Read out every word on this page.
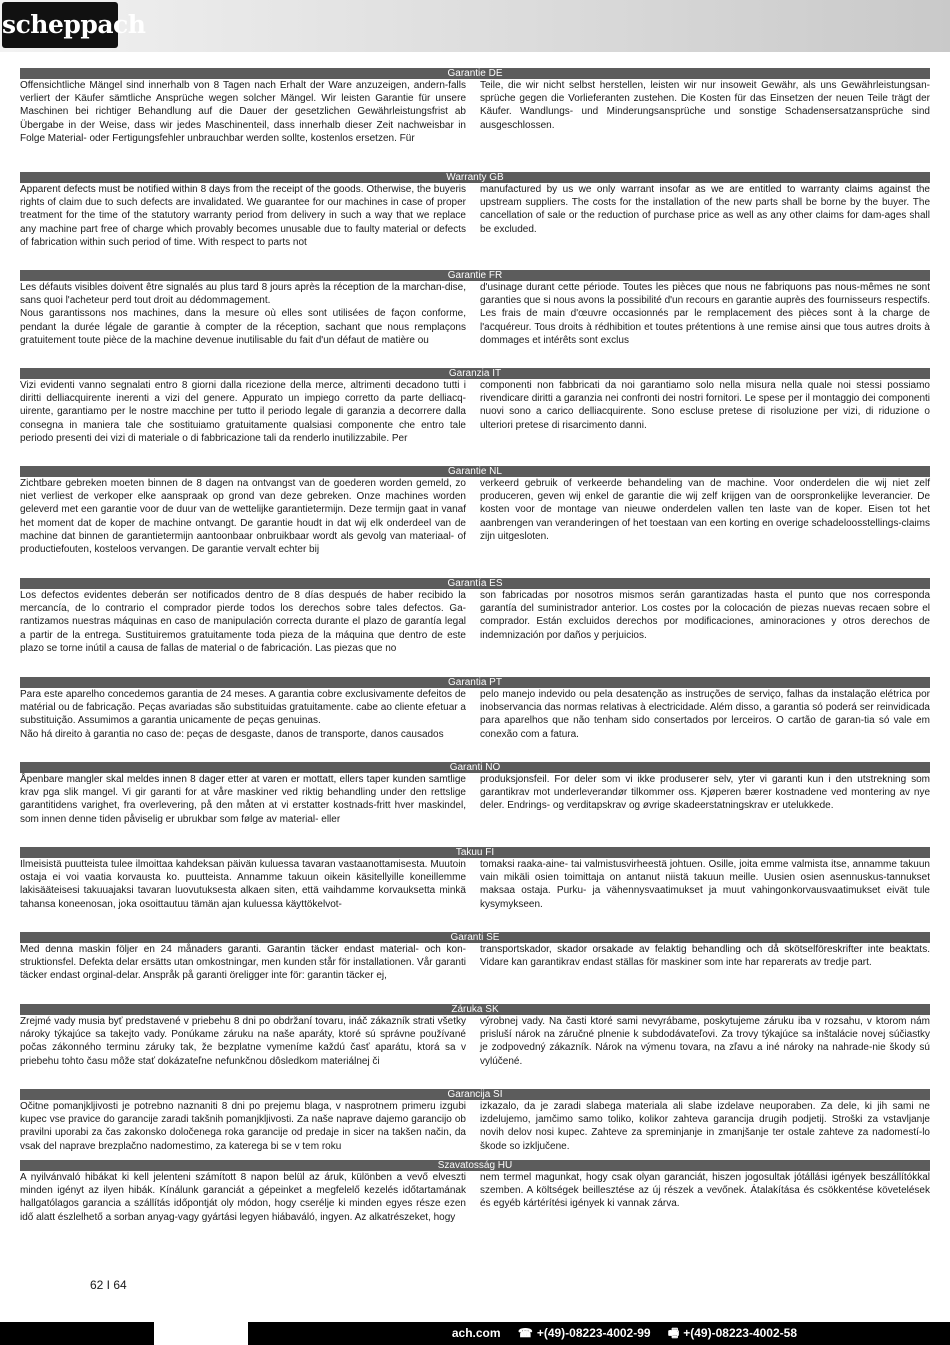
scheppach
Garantie DE
Offensichtliche Mängel sind innerhalb von 8 Tagen nach Erhalt der Ware anzuzeigen, andern-falls verliert der Käufer sämtliche Ansprüche wegen solcher Mängel. Wir leisten Garantie für unsere Maschinen bei richtiger Behandlung auf die Dauer der gesetzlichen Gewährleistungsfrist ab Übergabe in der Weise, dass wir jedes Maschinenteil, dass innerhalb dieser Zeit nachweisbar in Folge Material- oder Fertigungsfehler unbrauchbar werden sollte, kostenlos ersetzen. Für
Teile, die wir nicht selbst herstellen, leisten wir nur insoweit Gewähr, als uns Gewährleistungsan-sprüche gegen die Vorlieferanten zustehen. Die Kosten für das Einsetzen der neuen Teile trägt der Käufer. Wandlungs- und Minderungsansprüche und sonstige Schadensersatzansprüche sind ausgeschlossen.
Warranty GB
Apparent defects must be notified within 8 days from the receipt of the goods. Otherwise, the buyeris rights of claim due to such defects are invalidated. We guarantee for our machines in case of proper treatment for the time of the statutory warranty period from delivery in such a way that we replace any machine part free of charge which provably becomes unusable due to faulty material or defects of fabrication within such period of time. With respect to parts not
manufactured by us we only warrant insofar as we are entitled to warranty claims against the upstream suppliers. The costs for the installation of the new parts shall be borne by the buyer. The cancellation of sale or the reduction of purchase price as well as any other claims for dam-ages shall be excluded.
Garantie FR
Les défauts visibles doivent être signalés au plus tard 8 jours après la réception de la marchan-dise, sans quoi l'acheteur perd tout droit au dédommagement.
Nous garantissons nos machines, dans la mesure où elles sont utilisées de façon conforme, pendant la durée légale de garantie à compter de la réception, sachant que nous remplaçons gratuitement toute pièce de la machine devenue inutilisable du fait d'un défaut de matière ou
d'usinage durant cette période. Toutes les pièces que nous ne fabriquons pas nous-mêmes ne sont garanties que si nous avons la possibilité d'un recours en garantie auprès des fournisseurs respectifs. Les frais de main d'œuvre occasionnés par le remplacement des pièces sont à la charge de l'acquéreur. Tous droits à rédhibition et toutes prétentions à une remise ainsi que tous autres droits à dommages et intérêts sont exclus
Garanzia IT
Vizi evidenti vanno segnalati entro 8 giorni dalla ricezione della merce, altrimenti decadono tutti i diritti delliacquirente inerenti a vizi del genere. Appurato un impiego corretto da parte delliacq-uirente, garantiamo per le nostre macchine per tutto il periodo legale di garanzia a decorrere dalla consegna in maniera tale che sostituiamo gratuitamente qualsiasi componente che entro tale periodo presenti dei vizi di materiale o di fabbricazione tali da renderlo inutilizzabile. Per
componenti non fabbricati da noi garantiamo solo nella misura nella quale noi stessi possiamo rivendicare diritti a garanzia nei confronti dei nostri fornitori. Le spese per il montaggio dei componenti nuovi sono a carico delliacquirente. Sono escluse pretese di risoluzione per vizi, di riduzione o ulteriori pretese di risarcimento danni.
Garantie NL
Zichtbare gebreken moeten binnen de 8 dagen na ontvangst van de goederen worden gemeld, zo niet verliest de verkoper elke aanspraak op grond van deze gebreken. Onze machines worden geleverd met een garantie voor de duur van de wettelijke garantietermijn. Deze termijn gaat in vanaf het moment dat de koper de machine ontvangt. De garantie houdt in dat wij elk onderdeel van de machine dat binnen de garantietermijn aantoonbaar onbruikbaar wordt als gevolg van materiaal- of productiefouten, kosteloos vervangen. De garantie vervalt echter bij
verkeerd gebruik of verkeerde behandeling van de machine. Voor onderdelen die wij niet zelf produceren, geven wij enkel de garantie die wij zelf krijgen van de oorspronkelijke leverancier. De kosten voor de montage van nieuwe onderdelen vallen ten laste van de koper. Eisen tot het aanbrengen van veranderingen of het toestaan van een korting en overige schadeloosstellings-claims zijn uitgesloten.
Garantía ES
Los defectos evidentes deberán ser notificados dentro de 8 días después de haber recibido la mercancía, de lo contrario el comprador pierde todos los derechos sobre tales defectos. Ga-rantizamos nuestras máquinas en caso de manipulación correcta durante el plazo de garantía legal a partir de la entrega. Sustituiremos gratuitamente toda pieza de la máquina que dentro de este plazo se torne inútil a causa de fallas de material o de fabricación. Las piezas que no
son fabricadas por nosotros mismos serán garantizadas hasta el punto que nos corresponda garantía del suministrador anterior. Los costes por la colocación de piezas nuevas recaen sobre el comprador. Están excluidos derechos por modificaciones, aminoraciones y otros derechos de indemnización por daños y perjuicios.
Garantia PT
Para este aparelho concedemos garantia de 24 meses. A garantia cobre exclusivamente defeitos de matérial ou de fabricação. Peças avariadas são substituidas gratuitamente. cabe ao cliente efetuar a substituição. Assumimos a garantia unicamente de peças genuinas.
Não há direito à garantia no caso de: peças de desgaste, danos de transporte, danos causados
pelo manejo indevido ou pela desatenção as instruções de serviço, falhas da instalação elétrica por inobservancia das normas relativas à electricidade. Além disso, a garantia só poderá ser reinvidicada para aparelhos que não tenham sido consertados por lerceiros. O cartão de garan-tia só vale em conexão com a fatura.
Garanti NO
Åpenbare mangler skal meldes innen 8 dager etter at varen er mottatt, ellers taper kunden samtlige krav pga slik mangel. Vi gir garanti for at våre maskiner ved riktig behandling under den rettslige garantitidens varighet, fra overlevering, på den måten at vi erstatter kostnads-fritt hver maskindel, som innen denne tiden påviselig er ubrukbar som følge av material- eller
produksjonsfeil. For deler som vi ikke produserer selv, yter vi garanti kun i den utstrekning som garantikrav mot underleverandør tilkommer oss. Kjøperen bærer kostnadene ved montering av nye deler. Endrings- og verditapskrav og øvrige skadeerstatningskrav er utelukkede.
Takuu FI
Ilmeisistä puutteista tulee ilmoittaa kahdeksan päivän kuluessa tavaran vastaanottamisesta. Muutoin ostaja ei voi vaatia korvausta ko. puutteista. Annamme takuun oikein käsitellyille koneillemme lakisääteisesi takuuajaksi tavaran luovutuksesta alkaen siten, että vaihdamme korvauksetta minkä tahansa koneenosan, joka osoittautuu tämän ajan kuluessa käyttökelvot-
tomaksi raaka-aine- tai valmistusvirheestä johtuen. Osille, joita emme valmista itse, annamme takuun vain mikäli osien toimittaja on antanut niistä takuun meille. Uusien osien asennuskus-tannukset maksaa ostaja. Purku- ja vähennysvaatimukset ja muut vahingonkorvausvaatimukset eivät tule kysymykseen.
Garanti SE
Med denna maskin följer en 24 månaders garanti. Garantin täcker endast material- och kon-struktionsfel. Defekta delar ersätts utan omkostningar, men kunden står för installationen. Vår garanti täcker endast orginal-delar. Anspråk på garanti öreligger inte för: garantin täcker ej,
transportskador, skador orsakade av felaktig behandling och då skötselföreskrifter inte beaktats. Vidare kan garantikrav endast ställas för maskiner som inte har reparerats av tredje part.
Záruka SK
Zrejmé vady musia byť predstavené v priebehu 8 dni po obdržaní tovaru, ináč zákazník strati všetky nároky týkajúce sa takejto vady. Ponúkame záruku na naše aparáty, ktoré sú správne používané počas zákonného terminu záruky tak, že bezplatne vymeníme každú časť aparátu, ktorá sa v priebehu tohto času môže stať dokázateľne nefunkčnou dôsledkom materiálnej či
výrobnej vady. Na časti ktoré sami nevyrábame, poskytujeme záruku iba v rozsahu, v ktorom nám prisluší nárok na záručné plnenie k subdodávateľovi. Za trovy týkajúce sa inštalácie novej súčiastky je zodpovedný zákazník. Nárok na výmenu tovara, na zľavu a iné nároky na nahrade-nie škody sú vylúčené.
Garancija SI
Očitne pomanjkljivosti je potrebno naznaniti 8 dni po prejemu blaga, v nasprotnem primeru izgubi kupec vse pravice do garancije zaradi takšnih pomanjkljivosti. Za naše naprave dajemo garancijo ob pravilni uporabi za čas zakonsko določenega roka garancije od predaje in sicer na takšen način, da vsak del naprave brezplačno nadomestimo, za katerega bi se v tem roku
izkazalo, da je zaradi slabega materiala ali slabe izdelave neuporaben. Za dele, ki jih sami ne izdelujemo, jamčimo samo toliko, kolikor zahteva garancija drugih podjetij. Stroški za vstavljanje novih delov nosi kupec. Zahteve za spreminjanje in zmanjšanje ter ostale zahteve za nadomestí-lo škode so izključene.
Szavatosság HU
A nyilvánvaló hibákat ki kell jelenteni számított 8 napon belül az áruk, különben a vevő elveszti minden igényt az ilyen hibák. Kínálunk garanciát a gépeinket a megfelelő kezelés időtartamának hallgatólagos garancia a szállítás időpontját oly módon, hogy cserélje ki minden egyes része ezen idő alatt észlelhető a sorban anyag-vagy gyártási legyen hiábaváló, ingyen. Az alkatrészeket, hogy
nem termel magunkat, hogy csak olyan garanciát, hiszen jogosultak jótállási igények beszállítókkal szemben. A költségek beillesztése az új részek a vevőnek. Átalakítása és csökkentése követelések és egyéb kártérítési igények ki vannak zárva.
62 I 64
ach.com ☎ +(49)-08223-4002-99 🖷 +(49)-08223-4002-58
